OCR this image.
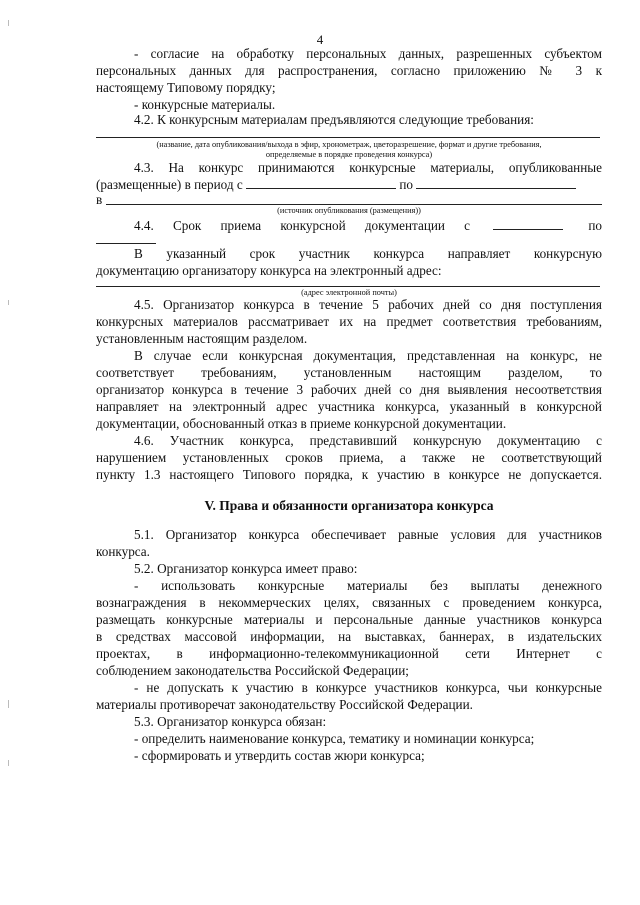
4
- согласие на обработку персональных данных, разрешенных субъектом
персональных данных для распространения, согласно приложению № 3 к
настоящему Типовому порядку;
- конкурсные материалы.
4.2. К конкурсным материалам предъявляются следующие требования:
(название, дата опубликования/выхода в эфир, хронометраж, цветоразрешение, формат и другие требования,
определяемые в порядке проведения конкурса)
4.3. На конкурс принимаются конкурсные материалы, опубликованные
(размещенные) в период с	по
в
(источник опубликования (размещения))
4.4. Срок приема конкурсной документации с	по
В указанный срок участник конкурса направляет конкурсную
документацию организатору конкурса на электронный адрес:
(адрес электронной почты)
4.5. Организатор конкурса в течение 5 рабочих дней со дня поступления
конкурсных материалов рассматривает их на предмет соответствия требованиям,
установленным настоящим разделом.
В случае если конкурсная документация, представленная на конкурс, не
соответствует требованиям, установленным настоящим разделом, то
организатор конкурса в течение 3 рабочих дней со дня выявления несоответствия
направляет на электронный адрес участника конкурса, указанный в конкурсной
документации, обоснованный отказ в приеме конкурсной документации.
4.6. Участник конкурса, представивший конкурсную документацию с
нарушением установленных сроков приема, а также не соответствующий
пункту 1.3 настоящего Типового порядка, к участию в конкурсе не допускается.
V. Права и обязанности организатора конкурса
5.1. Организатор конкурса обеспечивает равные условия для участников
конкурса.
5.2. Организатор конкурса имеет право:
- использовать конкурсные материалы без выплаты денежного
вознаграждения в некоммерческих целях, связанных с проведением конкурса,
размещать конкурсные материалы и персональные данные участников конкурса
в средствах массовой информации, на выставках, баннерах, в издательских
проектах, в информационно-телекоммуникационной сети Интернет с
соблюдением законодательства Российской Федерации;
- не допускать к участию в конкурсе участников конкурса, чьи конкурсные
материалы противоречат законодательству Российской Федерации.
5.3. Организатор конкурса обязан:
- определить наименование конкурса, тематику и номинации конкурса;
- сформировать и утвердить состав жюри конкурса;
